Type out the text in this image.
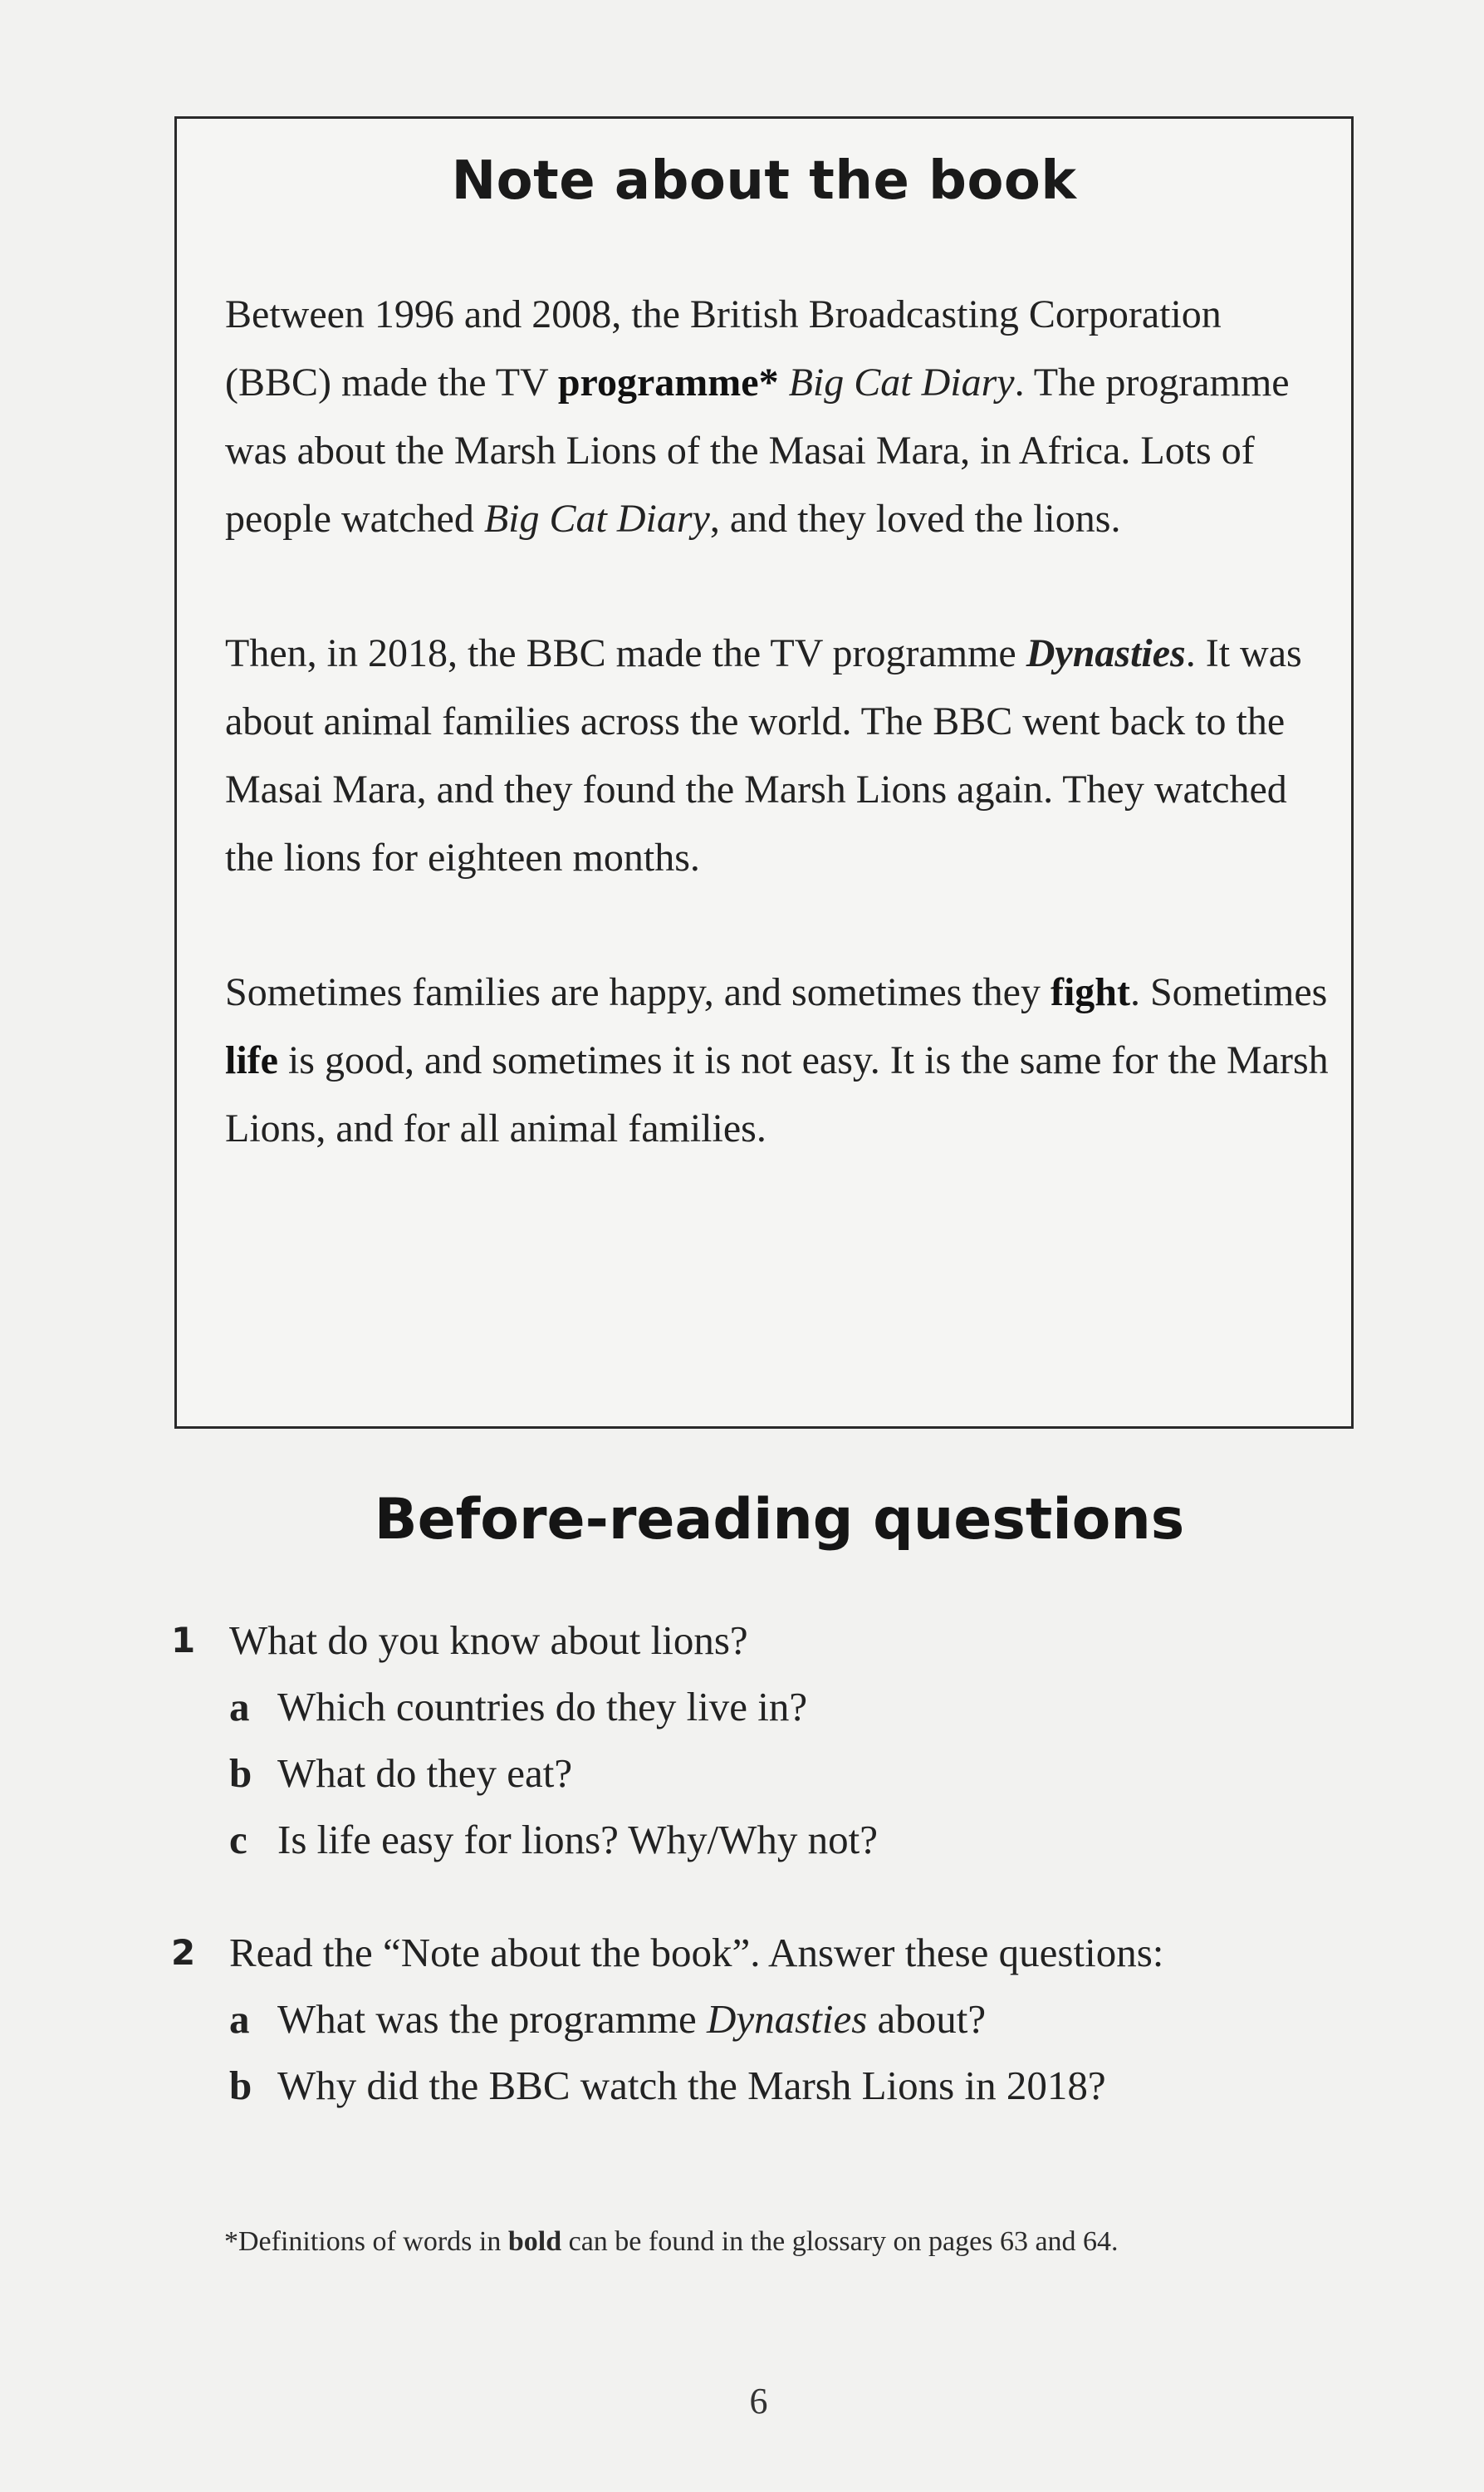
Note about the book

Between 1996 and 2008, the British Broadcasting Corporation (BBC) made the TV programme* Big Cat Diary. The programme was about the Marsh Lions of the Masai Mara, in Africa. Lots of people watched Big Cat Diary, and they loved the lions.

Then, in 2018, the BBC made the TV programme Dynasties. It was about animal families across the world. The BBC went back to the Masai Mara, and they found the Marsh Lions again. They watched the lions for eighteen months.

Sometimes families are happy, and sometimes they fight. Sometimes life is good, and sometimes it is not easy. It is the same for the Marsh Lions, and for all animal families.

Before-reading questions
1 What do you know about lions?
a Which countries do they live in?
b What do they eat?
c Is life easy for lions? Why/Why not?
2 Read the “Note about the book”. Answer these questions:
a What was the programme Dynasties about?
b Why did the BBC watch the Marsh Lions in 2018?
*Definitions of words in bold can be found in the glossary on pages 63 and 64.
6
